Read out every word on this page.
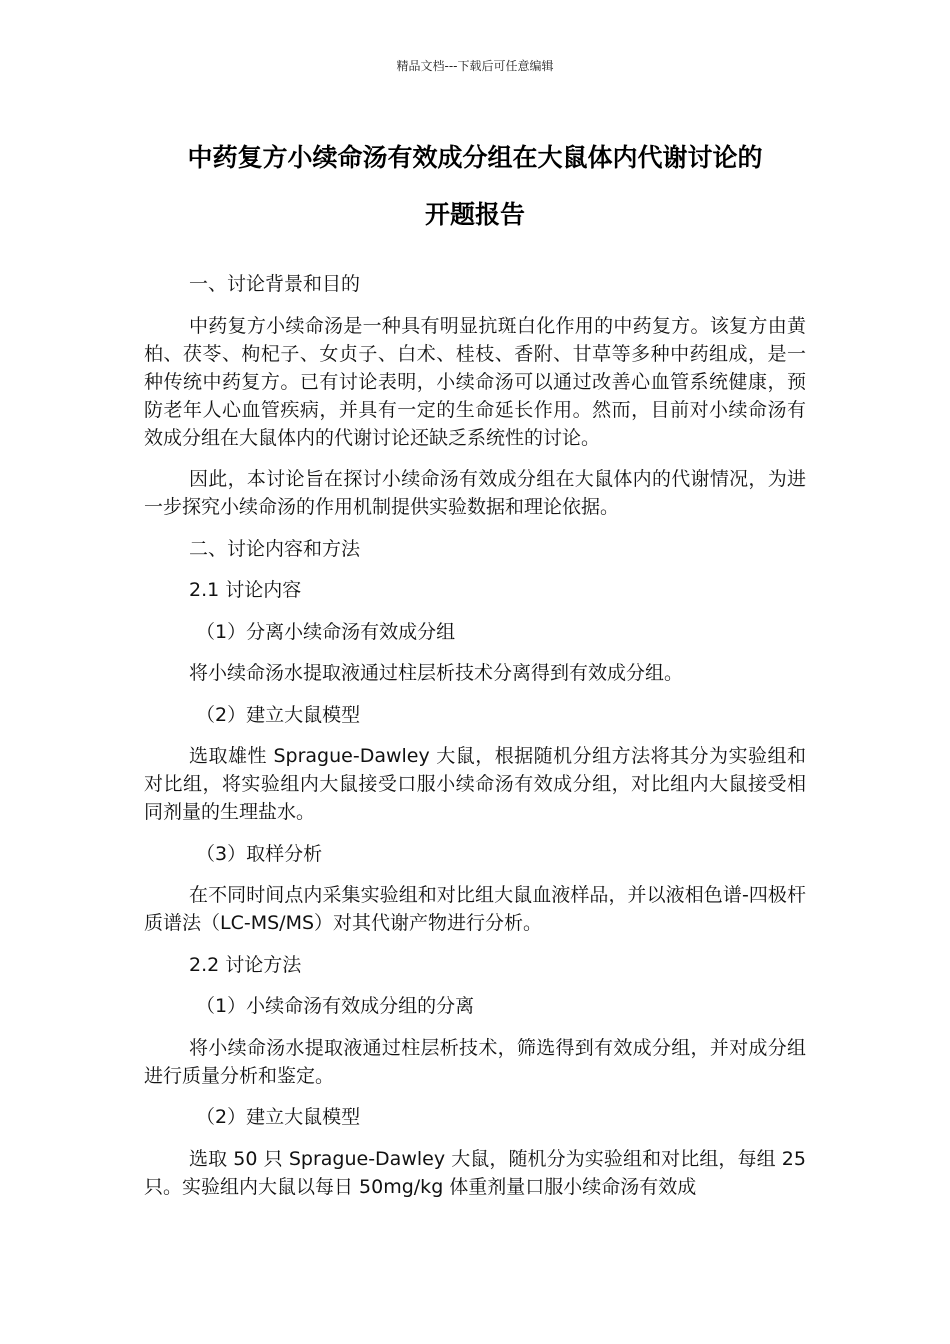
精品文档---下载后可任意编辑
中药复方小续命汤有效成分组在大鼠体内代谢讨论的
开题报告

一、讨论背景和目的

中药复方小续命汤是一种具有明显抗斑白化作用的中药复方。该复方由黄柏、茯苓、枸杞子、女贞子、白术、桂枝、香附、甘草等多种中药组成，是一种传统中药复方。已有讨论表明，小续命汤可以通过改善心血管系统健康，预防老年人心血管疾病，并具有一定的生命延长作用。然而，目前对小续命汤有效成分组在大鼠体内的代谢讨论还缺乏系统性的讨论。

因此，本讨论旨在探讨小续命汤有效成分组在大鼠体内的代谢情况，为进一步探究小续命汤的作用机制提供实验数据和理论依据。

二、讨论内容和方法

2.1 讨论内容

（1）分离小续命汤有效成分组

将小续命汤水提取液通过柱层析技术分离得到有效成分组。

（2）建立大鼠模型

选取雄性 Sprague-Dawley 大鼠，根据随机分组方法将其分为实验组和对比组，将实验组内大鼠接受口服小续命汤有效成分组，对比组内大鼠接受相同剂量的生理盐水。

（3）取样分析

在不同时间点内采集实验组和对比组大鼠血液样品，并以液相色谱-四极杆质谱法（LC-MS/MS）对其代谢产物进行分析。

2.2 讨论方法

（1）小续命汤有效成分组的分离

将小续命汤水提取液通过柱层析技术，筛选得到有效成分组，并对成分组进行质量分析和鉴定。

（2）建立大鼠模型

选取 50 只 Sprague-Dawley 大鼠，随机分为实验组和对比组，每组 25 只。实验组内大鼠以每日 50mg/kg 体重剂量口服小续命汤有效成
